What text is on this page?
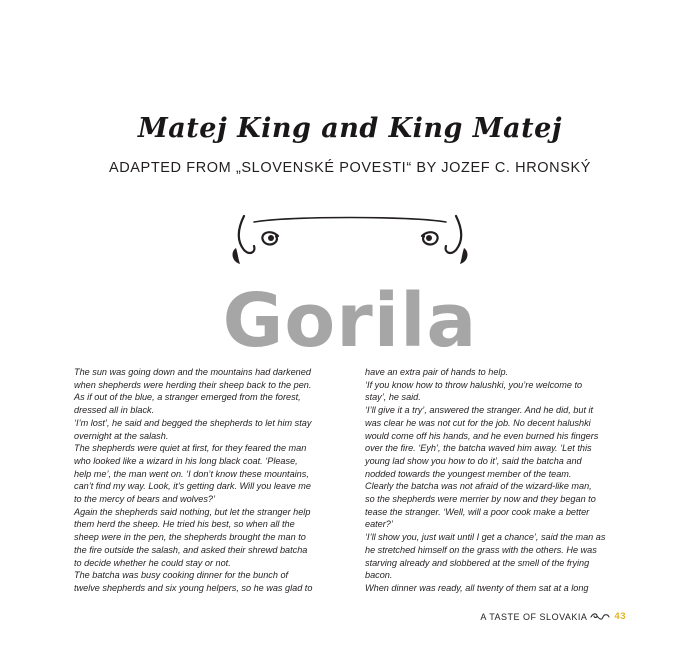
Matej King and King Matej
ADAPTED FROM „SLOVENSKÉ POVESTI“ BY JOZEF C. HRONSKÝ
Gorila

The sun was going down and the mountains had darkened

when shepherds were herding their sheep back to the pen.

As if out of the blue, a stranger emerged from the forest,

dressed all in black.

‘I’m lost’, he said and begged the shepherds to let him stay

overnight at the salash.

The shepherds were quiet at first, for they feared the man

who looked like a wizard in his long black coat. ‘Please,

help me’, the man went on. ‘I don’t know these mountains,

can’t find my way. Look, it’s getting dark. Will you leave me

to the mercy of bears and wolves?’

Again the shepherds said nothing, but let the stranger help

them herd the sheep. He tried his best, so when all the

sheep were in the pen, the shepherds brought the man to

the fire outside the salash, and asked their shrewd batcha

to decide whether he could stay or not.

The batcha was busy cooking dinner for the bunch of

twelve shepherds and six young helpers, so he was glad to

have an extra pair of hands to help.

‘If you know how to throw halushki, you’re welcome to

stay’, he said.

‘I’ll give it a try’, answered the stranger. And he did, but it

was clear he was not cut for the job. No decent halushki

would come off his hands, and he even burned his fingers

over the fire. ‘Eyh’, the batcha waved him away. ‘Let this

young lad show you how to do it’, said the batcha and

nodded towards the youngest member of the team.

Clearly the batcha was not afraid of the wizard-like man,

so the shepherds were merrier by now and they began to

tease the stranger. ‘Well, will a poor cook make a better

eater?’

‘I’ll show you, just wait until I get a chance’, said the man as

he stretched himself on the grass with the others. He was

starving already and slobbered at the smell of the frying

bacon.

When dinner was ready, all twenty of them sat at a long

A TASTE OF SLOVAKIA	43
